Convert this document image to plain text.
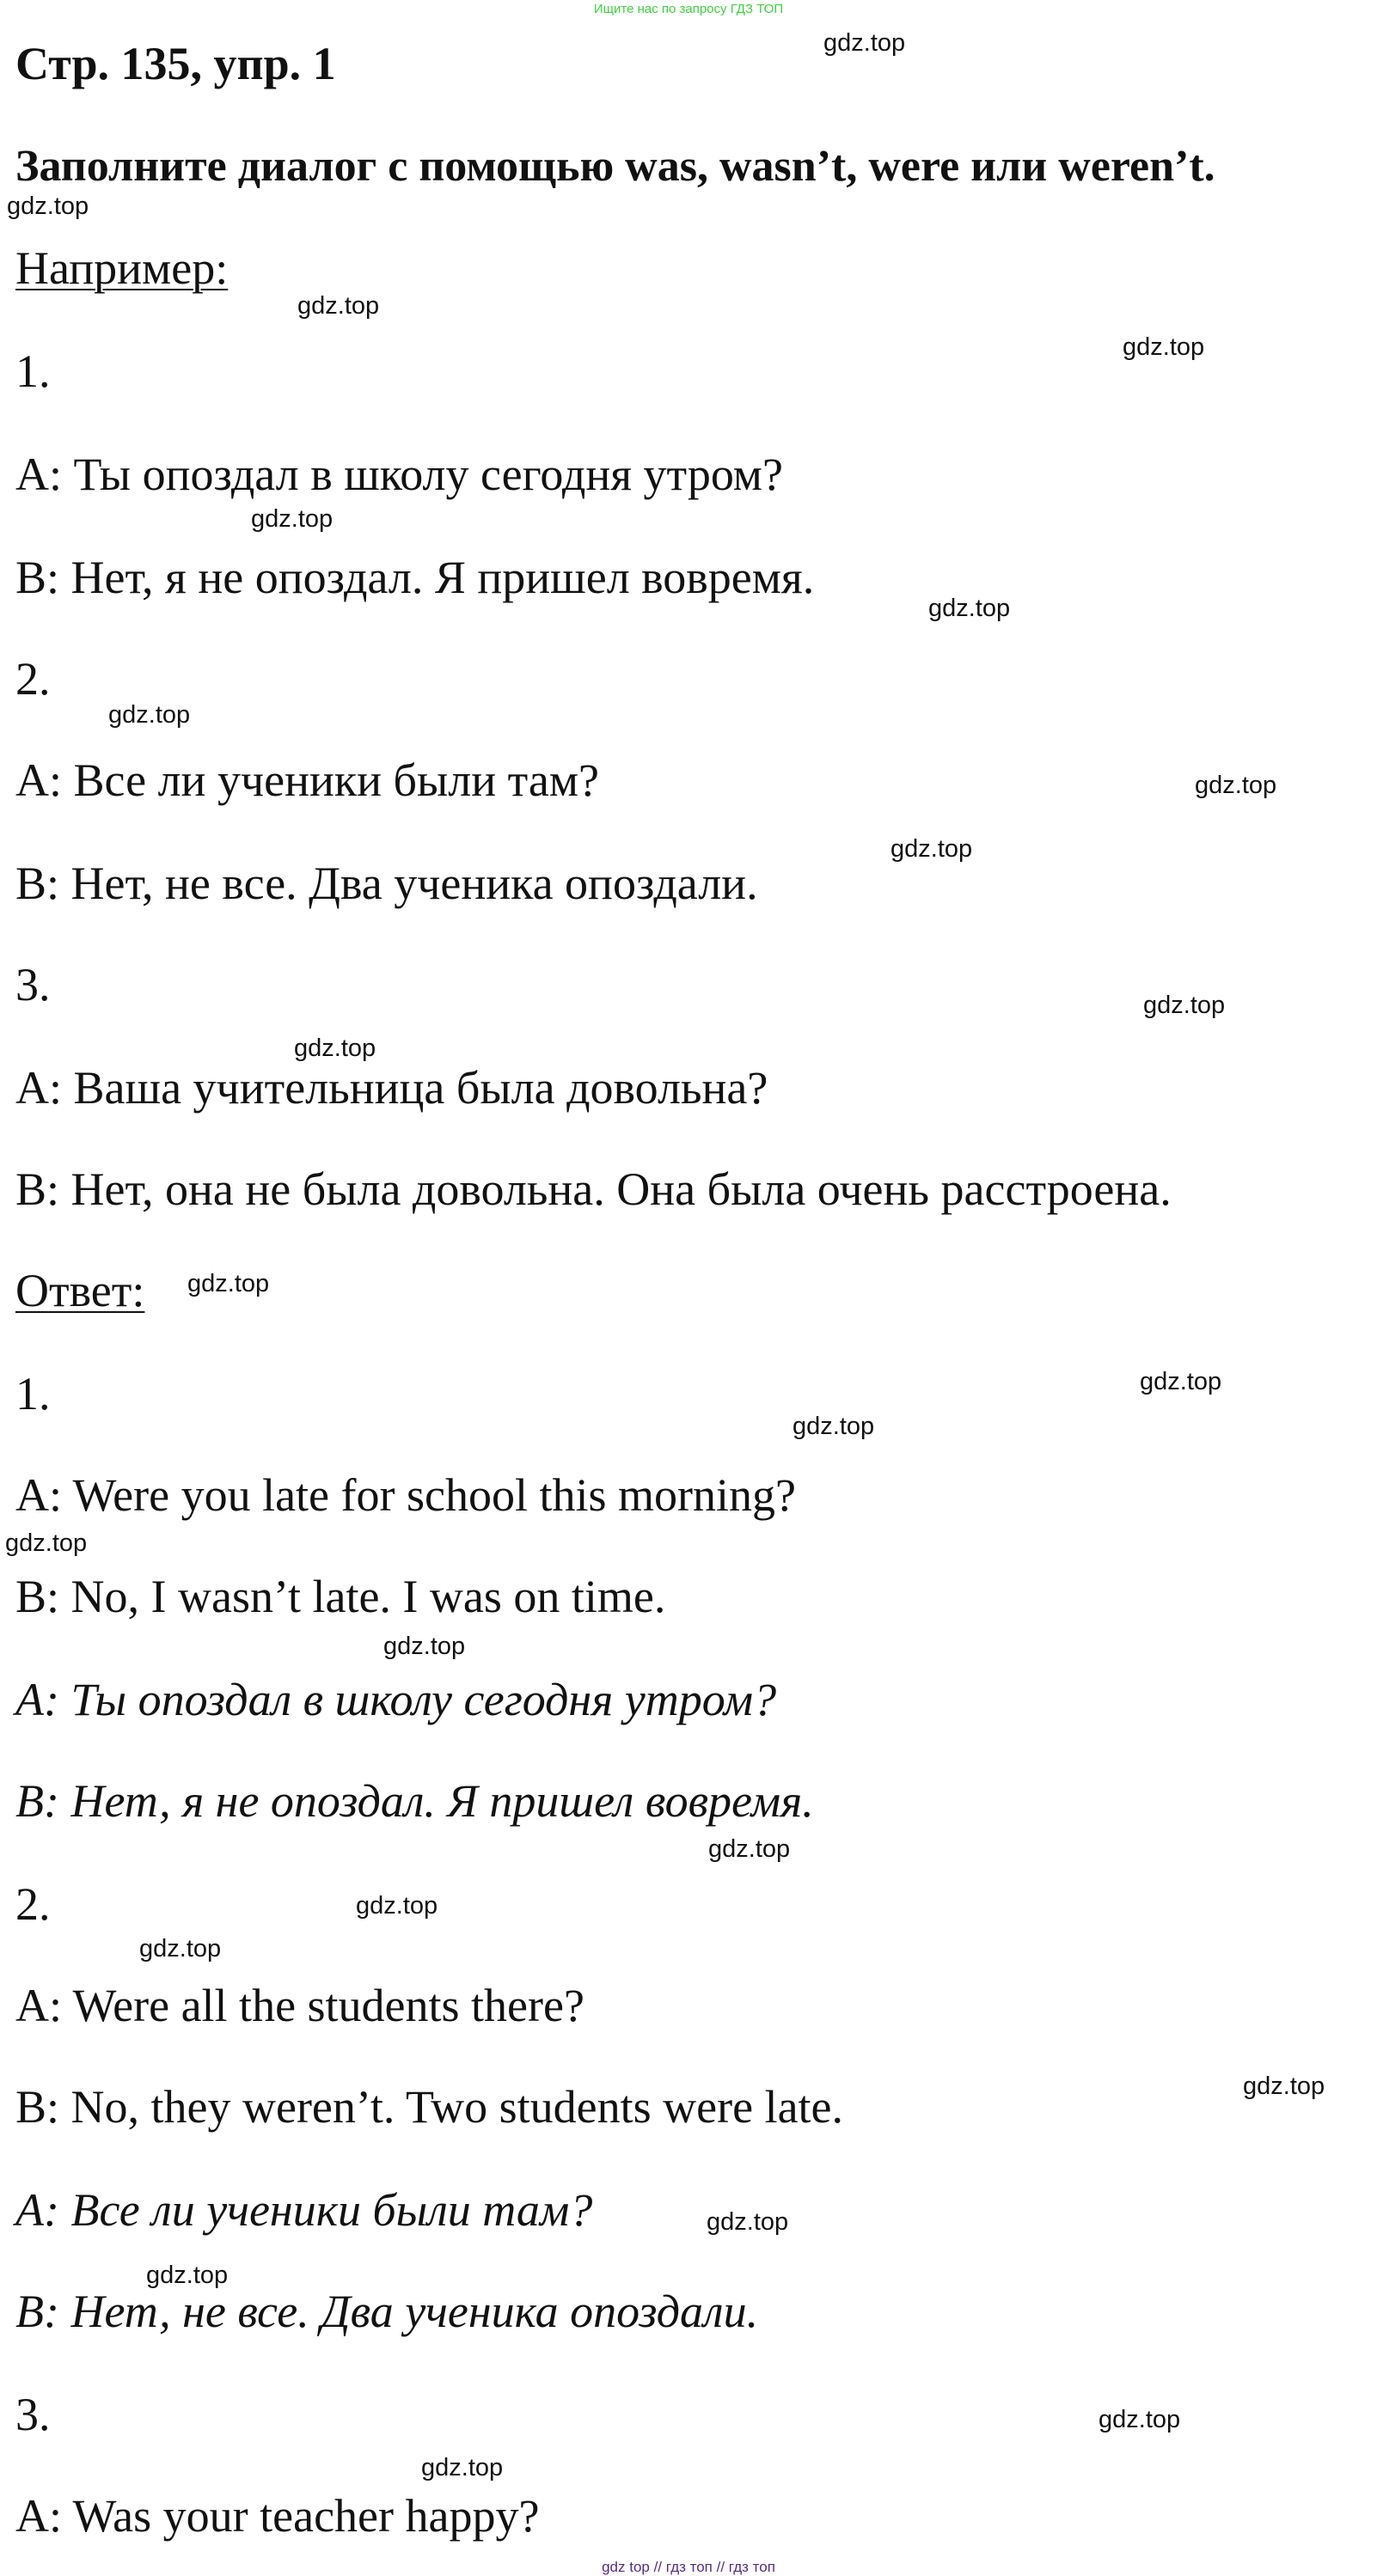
Ищите нас по запросу ГДЗ ТОП
Стр. 135, упр. 1
Заполните диалог с помощью was, wasn’t, were или weren’t.
Например:
1.
A: Ты опоздал в школу сегодня утром?
B: Нет, я не опоздал. Я пришел вовремя.
2.
A: Все ли ученики были там?
B: Нет, не все. Два ученика опоздали.
3.
A: Ваша учительница была довольна?
B: Нет, она не была довольна. Она была очень расстроена.
Ответ:
1.
A: Were you late for school this morning?
B: No, I wasn’t late. I was on time.
A: Ты опоздал в школу сегодня утром?
B: Нет, я не опоздал. Я пришел вовремя.
2.
A: Were all the students there?
B: No, they weren’t. Two students were late.
A: Все ли ученики были там?
B: Нет, не все. Два ученика опоздали.
3.
A: Was your teacher happy?
gdz.top
gdz.top
gdz.top
gdz.top
gdz.top
gdz.top
gdz.top
gdz.top
gdz.top
gdz.top
gdz.top
gdz.top
gdz.top
gdz.top
gdz.top
gdz.top
gdz.top
gdz.top
gdz.top
gdz.top
gdz.top
gdz.top
gdz.top
gdz.top
gdz top // гдз топ // гдз топ
